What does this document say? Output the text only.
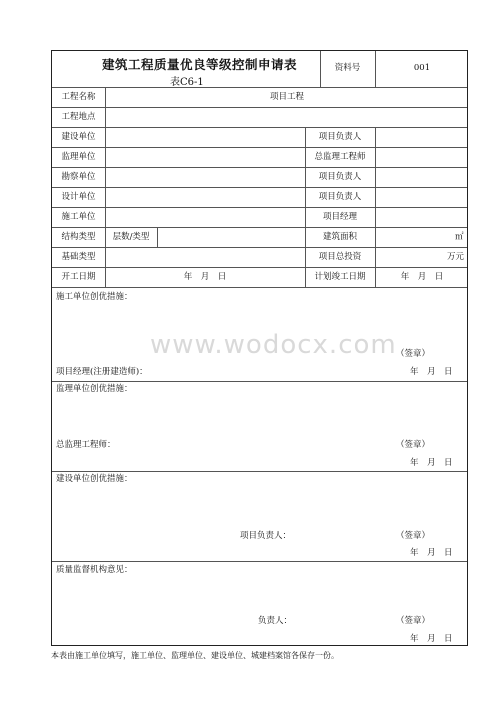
建筑工程质量优良等级控制申请表
表C6-1
资料号	001
工程名称	项目工程
工程地点
建设单位	项目负责人
监理单位	总监理工程师
勘察单位	项目负责人
设计单位	项目负责人
施工单位	项目经理
结构类型	层数/类型	建筑面积	㎡
基础类型	项目总投资	万元
开工日期	年　月　日	计划竣工日期	年　月　日
施工单位创优措施：
（签章）
项目经理(注册建造师)：	年　月　日
监理单位创优措施：
总监理工程师：	（签章）
年　月　日
建设单位创优措施：
项目负责人：	（签章）
年　月　日
质量监督机构意见：
负责人：	（签章）
年　月　日
www.wodocx.com
本表由施工单位填写，施工单位、监理单位、建设单位、城建档案馆各保存一份。
